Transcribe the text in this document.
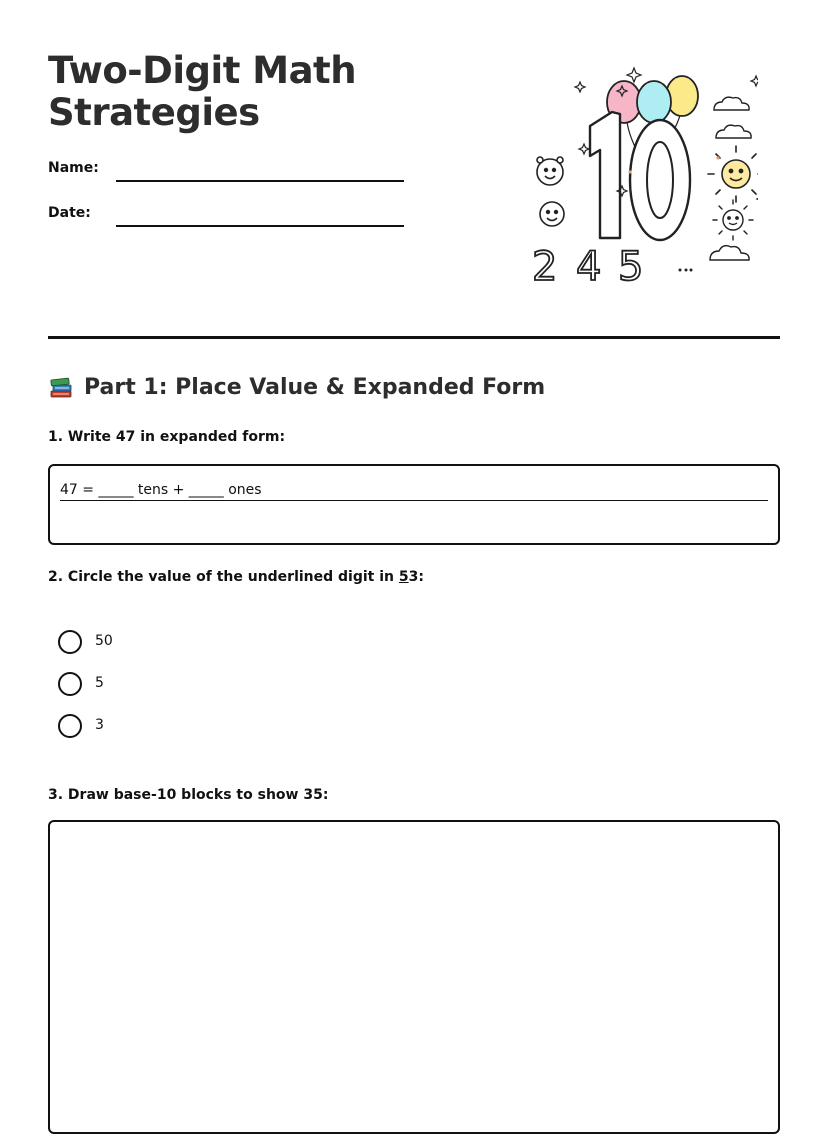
Two-Digit Math Strategies
Name:
Date:
2 4 5
Part 1: Place Value & Expanded Form

1. Write 47 in expanded form:

47 = _____ tens + _____ ones

2. Circle the value of the underlined digit in 53:

50
5
3

3. Draw base-10 blocks to show 35:
